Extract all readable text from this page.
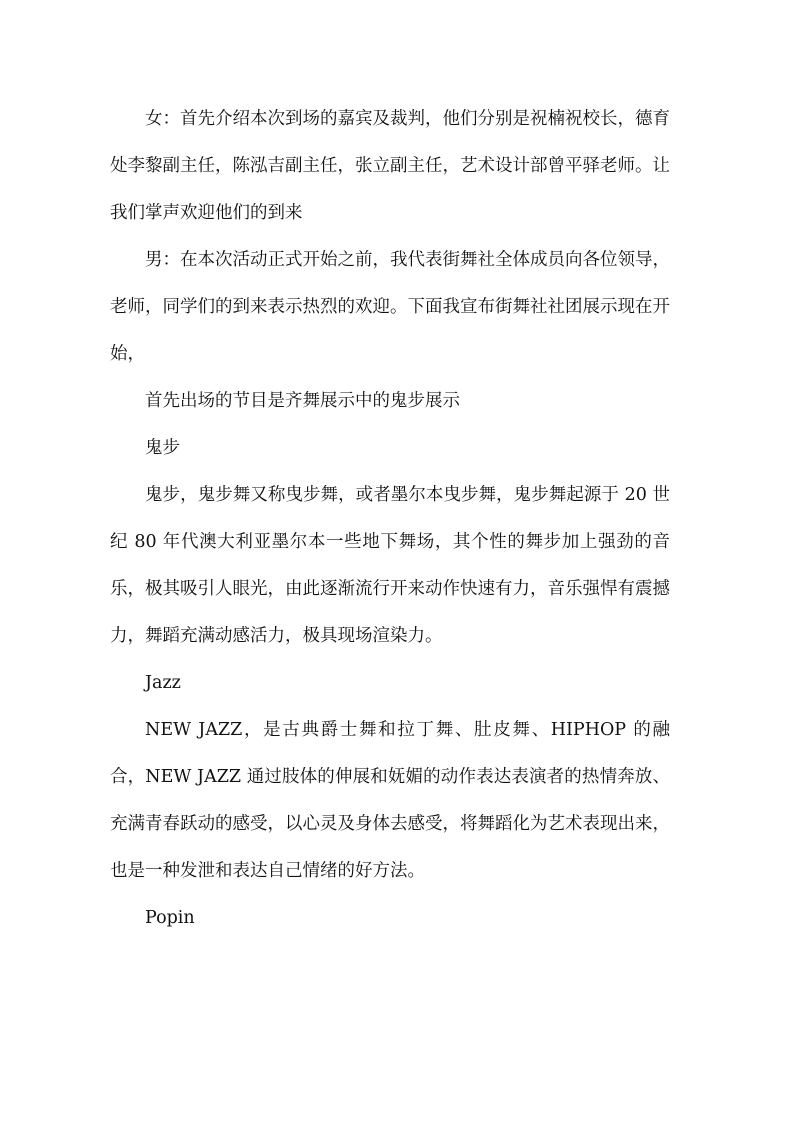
女：首先介绍本次到场的嘉宾及裁判，他们分别是祝楠祝校长，德育处李黎副主任，陈泓吉副主任，张立副主任，艺术设计部曾平驿老师。让我们掌声欢迎他们的到来

男：在本次活动正式开始之前，我代表街舞社全体成员向各位领导，老师，同学们的到来表示热烈的欢迎。下面我宣布街舞社社团展示现在开始，

首先出场的节目是齐舞展示中的鬼步展示

鬼步

鬼步，鬼步舞又称曳步舞，或者墨尔本曳步舞，鬼步舞起源于 20 世纪 80 年代澳大利亚墨尔本一些地下舞场，其个性的舞步加上强劲的音乐，极其吸引人眼光，由此逐渐流行开来动作快速有力，音乐强悍有震撼力，舞蹈充满动感活力，极具现场渲染力。

Jazz

NEW JAZZ，是古典爵士舞和拉丁舞、肚皮舞、HIPHOP 的融合，NEW JAZZ 通过肢体的伸展和妩媚的动作表达表演者的热情奔放、充满青春跃动的感受，以心灵及身体去感受，将舞蹈化为艺术表现出来，也是一种发泄和表达自己情绪的好方法。

Popin
